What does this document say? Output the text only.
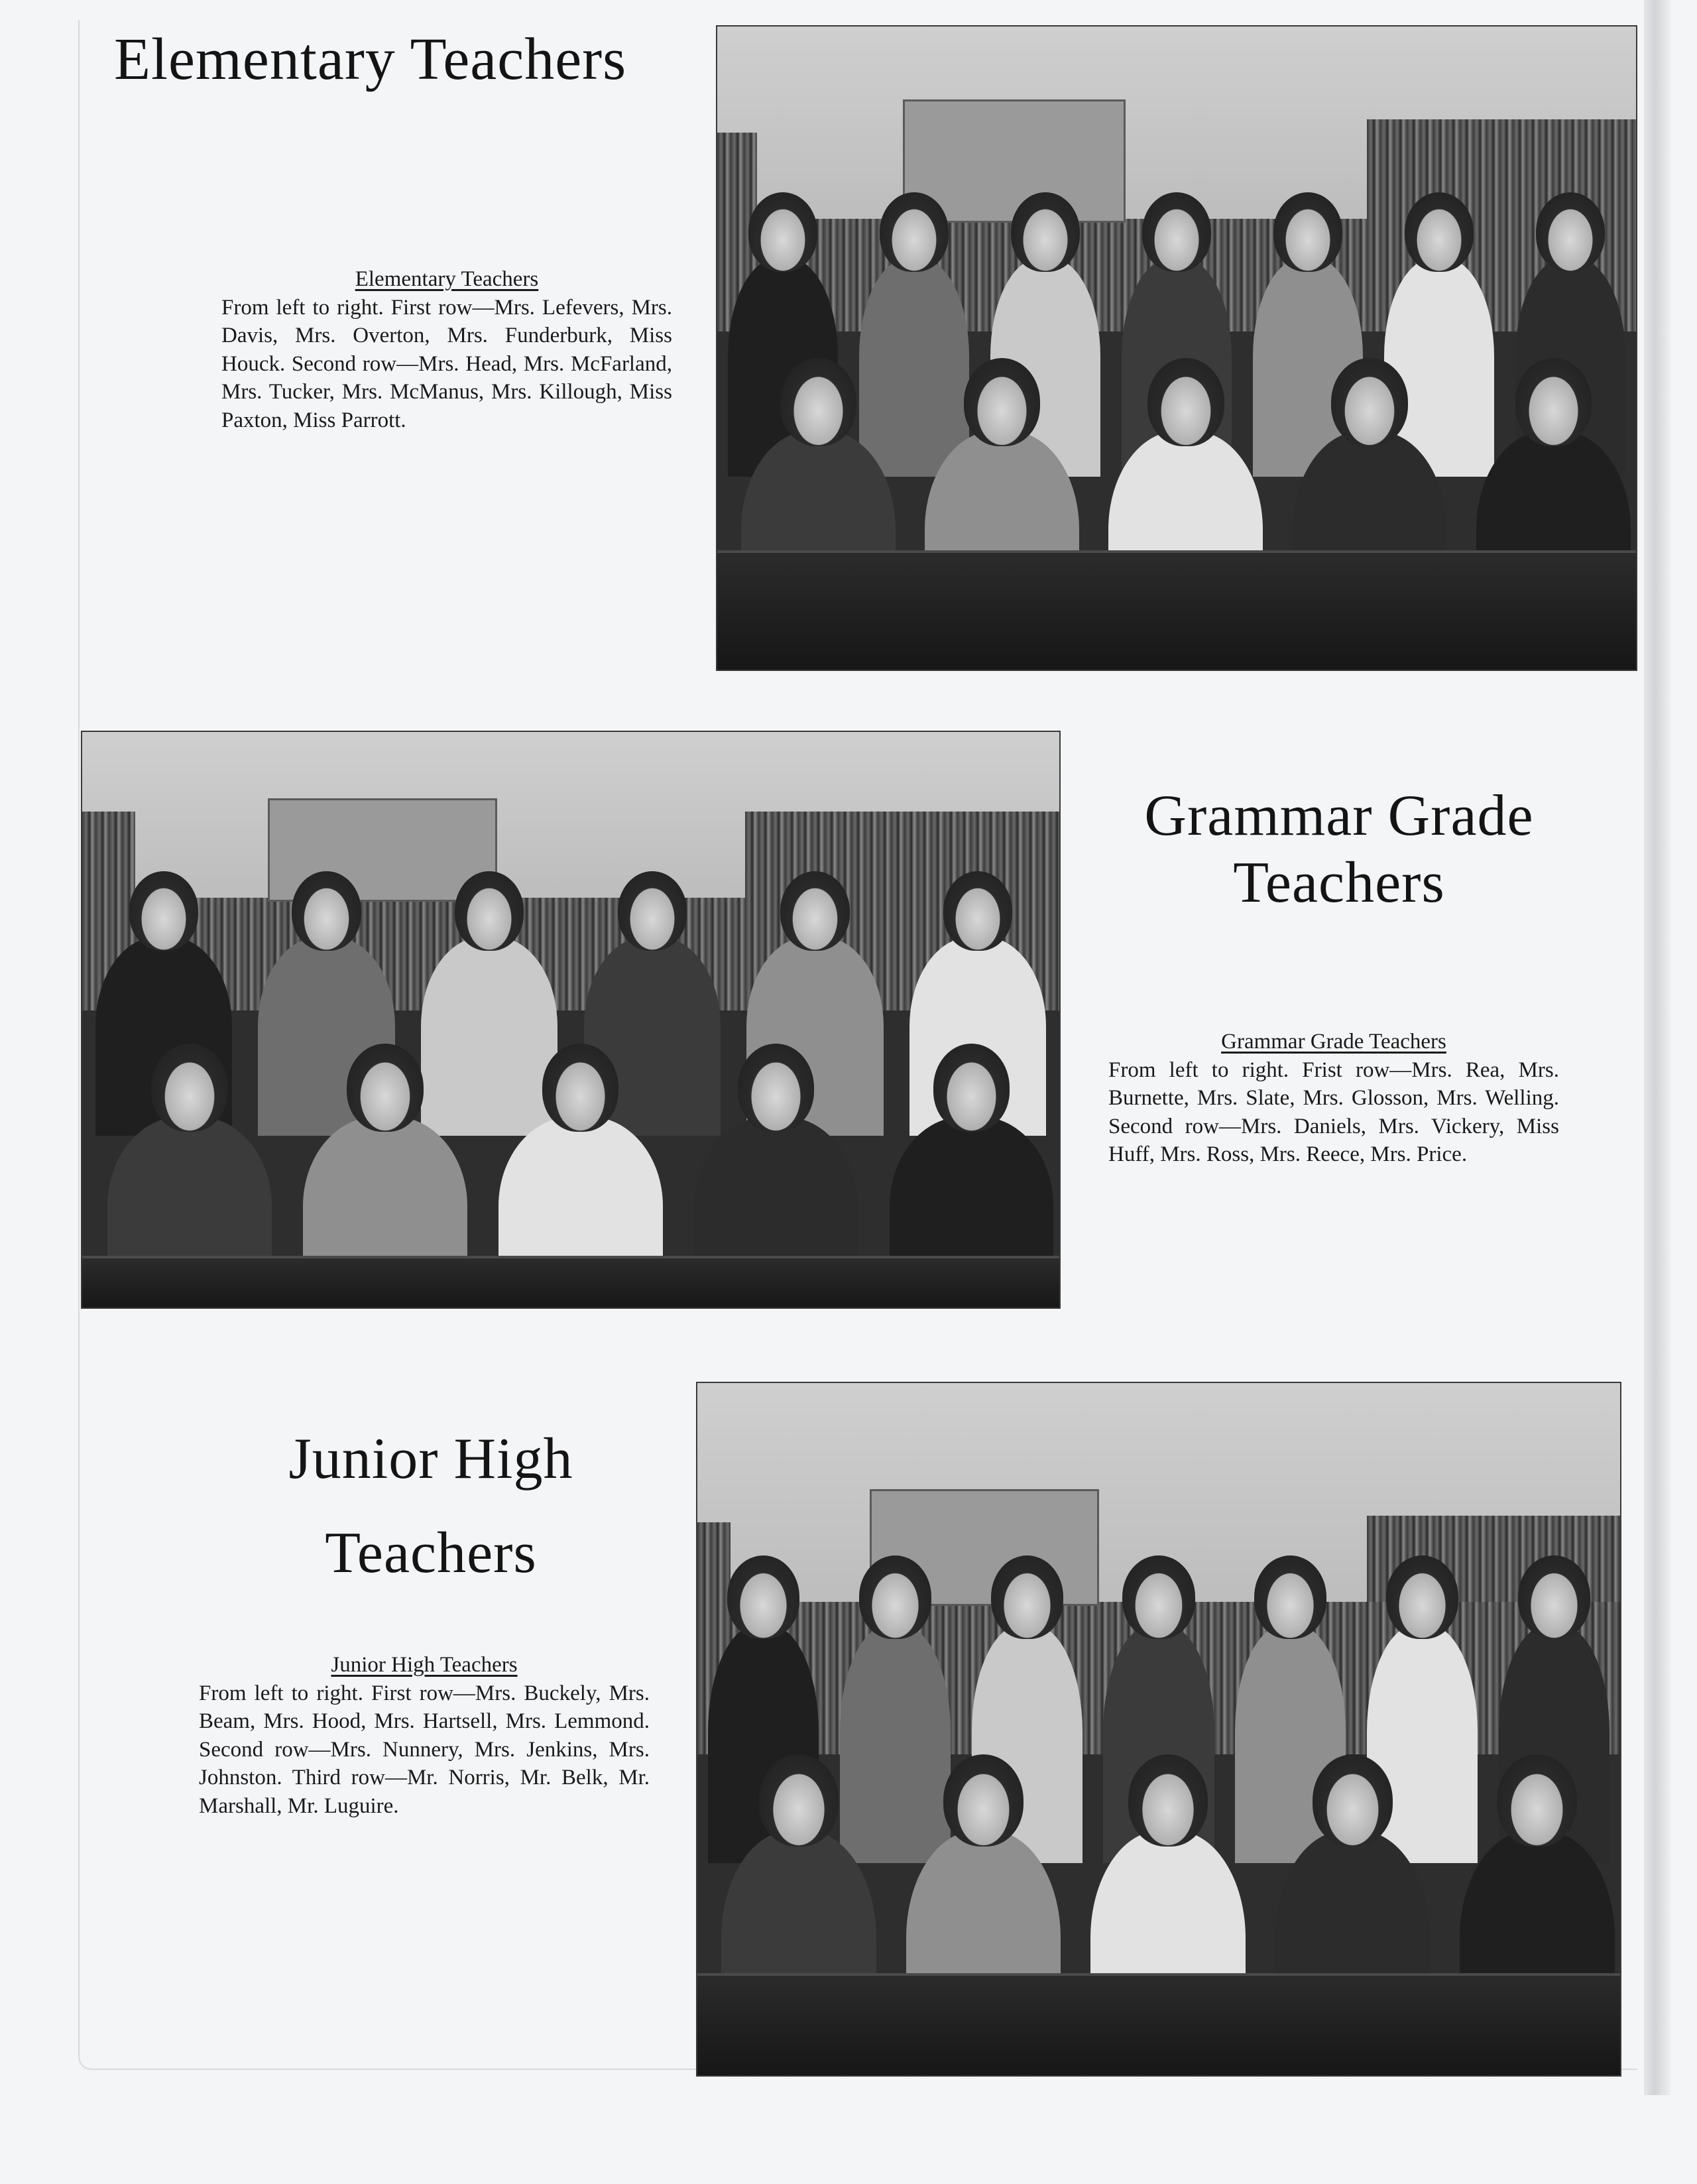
Elementary Teachers
Elementary Teachers
From left to right. First row—Mrs. Lefevers, Mrs. Davis, Mrs. Overton, Mrs. Funderburk, Miss Houck. Second row—Mrs. Head, Mrs. McFarland, Mrs. Tucker, Mrs. McManus, Mrs. Killough, Miss Paxton, Miss Parrott.
Grammar Grade
Teachers
Grammar Grade Teachers
From left to right. Frist row—Mrs. Rea, Mrs. Burnette, Mrs. Slate, Mrs. Glosson, Mrs. Welling. Second row—Mrs. Daniels, Mrs. Vickery, Miss Huff, Mrs. Ross, Mrs. Reece, Mrs. Price.
Junior High
Teachers
Junior High Teachers
From left to right. First row—Mrs. Buckely, Mrs. Beam, Mrs. Hood, Mrs. Hartsell, Mrs. Lemmond. Second row—Mrs. Nunnery, Mrs. Jenkins, Mrs. Johnston. Third row—Mr. Norris, Mr. Belk, Mr. Marshall, Mr. Luguire.
